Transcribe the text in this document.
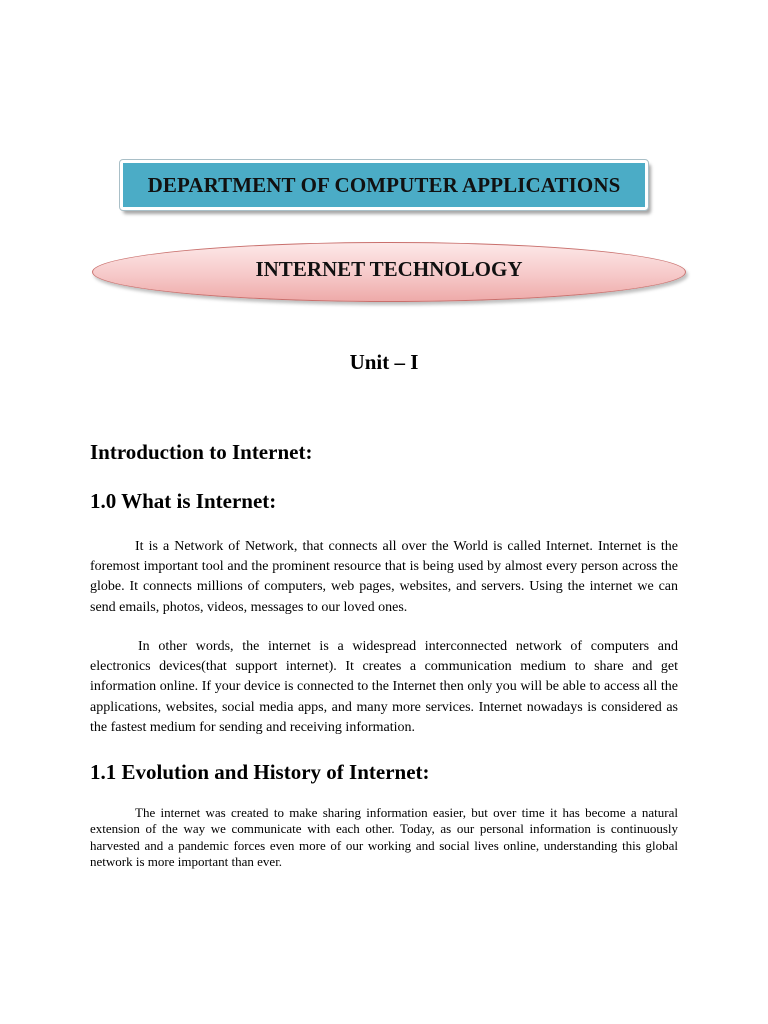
DEPARTMENT OF COMPUTER APPLICATIONS
INTERNET TECHNOLOGY
Unit – I
Introduction to Internet:
1.0 What is Internet:

It is a Network of Network, that connects all over the World is called Internet. Internet is the foremost important tool and the prominent resource that is being used by almost every person across the globe. It connects millions of computers, web pages, websites, and servers. Using the internet we can send emails, photos, videos, messages to our loved ones.

In other words, the internet is a widespread interconnected network of computers and electronics devices(that support internet). It creates a communication medium to share and get information online. If your device is connected to the Internet then only you will be able to access all the applications, websites, social media apps, and many more services. Internet nowadays is considered as the fastest medium for sending and receiving information.

1.1 Evolution and History of Internet:

The internet was created to make sharing information easier, but over time it has become a natural extension of the way we communicate with each other. Today, as our personal information is continuously harvested and a pandemic forces even more of our working and social lives online, understanding this global network is more important than ever.
